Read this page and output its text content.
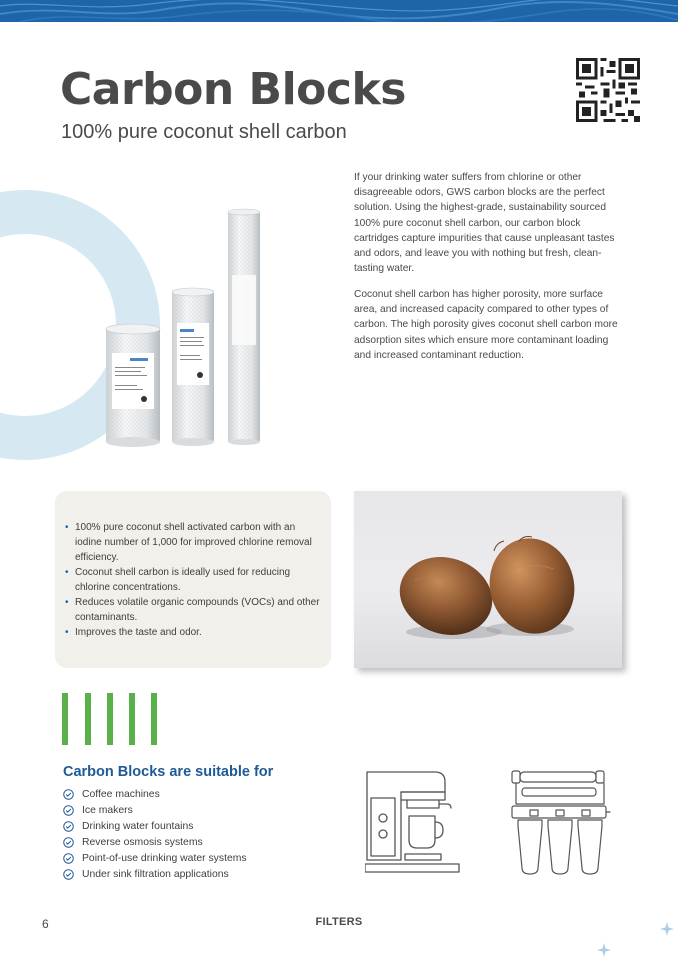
Carbon Blocks
100% pure coconut shell carbon

If your drinking water suffers from chlorine or other disagreeable odors, GWS carbon blocks are the perfect solution. Using the highest-grade, sustainability sourced 100% pure coconut shell carbon, our carbon block cartridges capture impurities that cause unpleasant tastes and odors, and leave you with nothing but fresh, clean-tasting water.

Coconut shell carbon has higher porosity, more surface area, and increased capacity compared to other types of carbon. The high porosity gives coconut shell carbon more adsorption sites which ensure more contaminant loading and increased contaminant reduction.

• 100% pure coconut shell activated carbon with an iodine number of 1,000 for improved chlorine removal efficiency.
• Coconut shell carbon is ideally used for reducing chlorine concentrations.
• Reduces volatile organic compounds (VOCs) and other contaminants.
• Improves the taste and odor.
Carbon Blocks are suitable for
Coffee machines
Ice makers
Drinking water fountains
Reverse osmosis systems
Point-of-use drinking water systems
Under sink filtration applications
6	FILTERS
